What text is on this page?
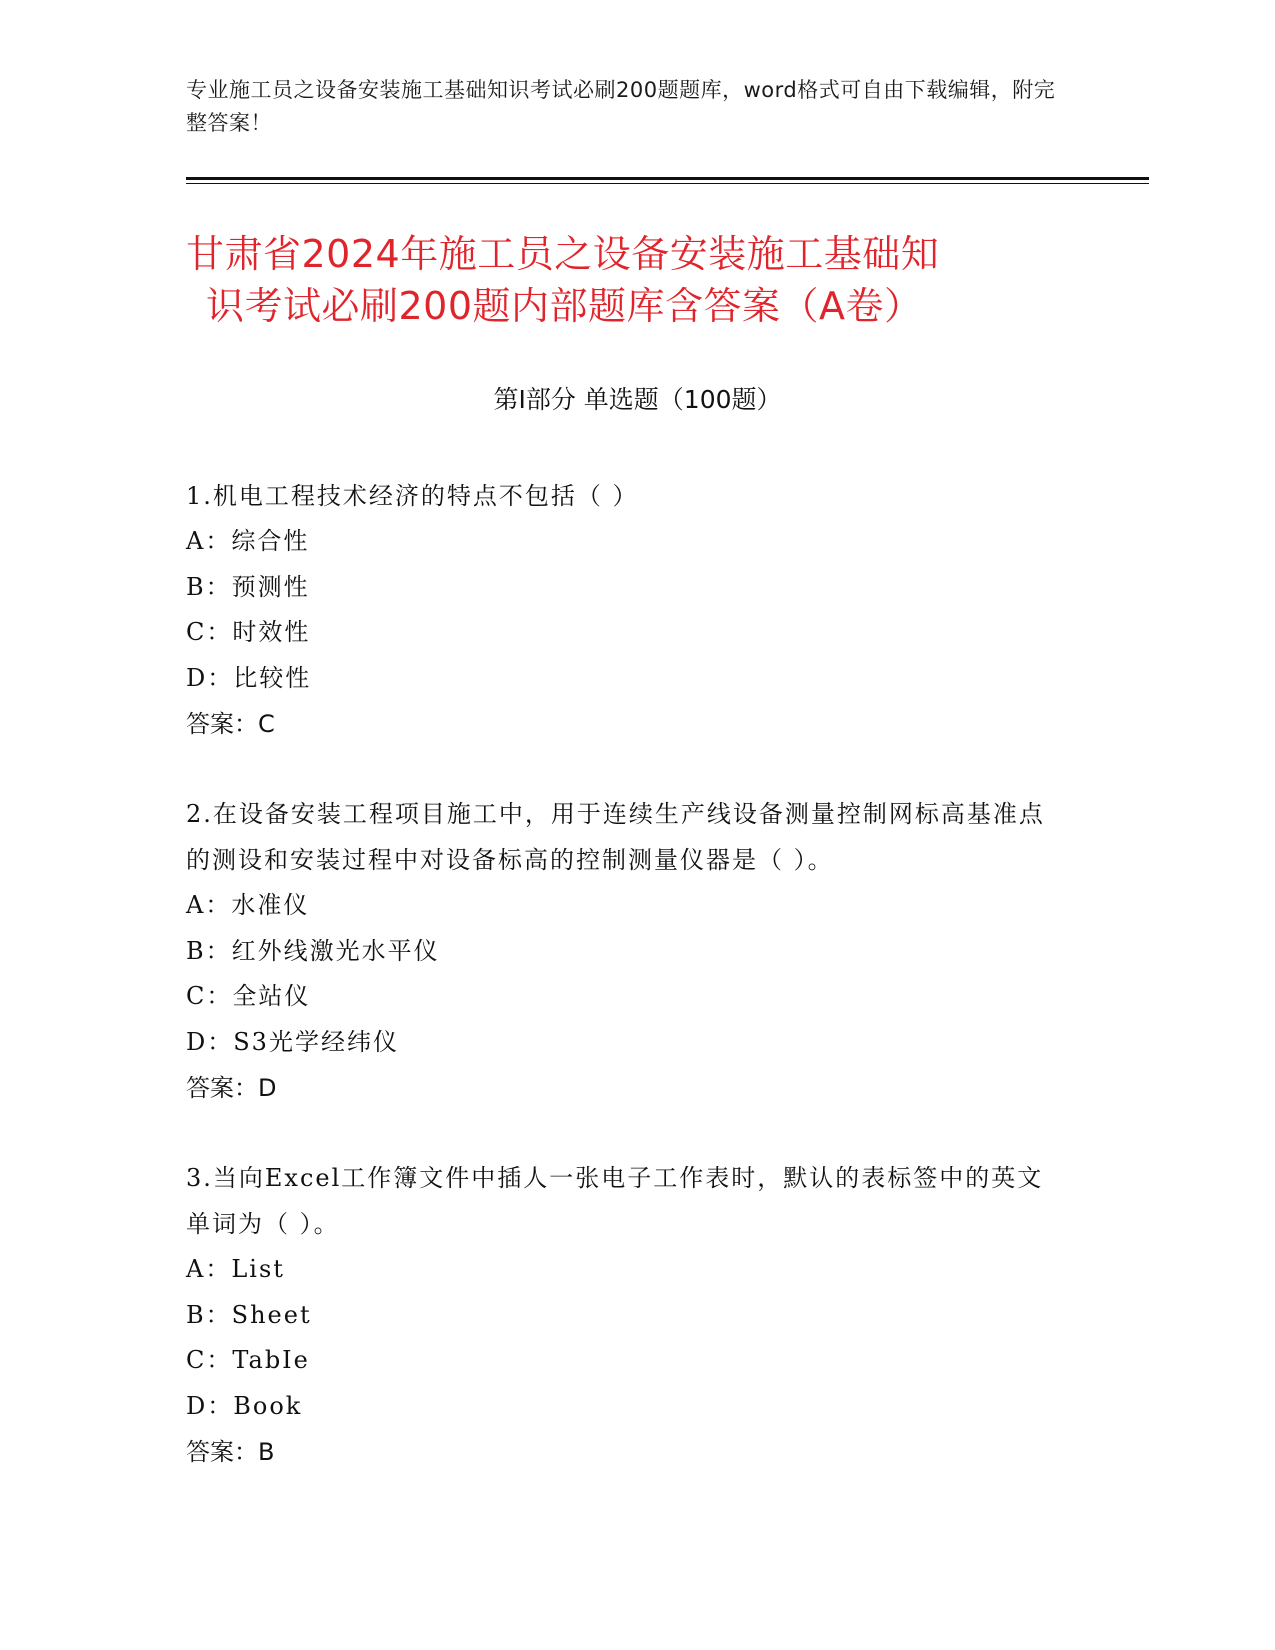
专业施工员之设备安装施工基础知识考试必刷200题题库，word格式可自由下载编辑，附完整答案！
甘肃省2024年施工员之设备安装施工基础知
识考试必刷200题内部题库含答案（A卷）
第Ⅰ部分 单选题（100题）
1.机电工程技术经济的特点不包括（ ）
A：综合性
B：预测性
C：时效性
D：比较性
答案：C
2.在设备安装工程项目施工中，用于连续生产线设备测量控制网标高基准点的测设和安装过程中对设备标高的控制测量仪器是（ ）。
A：水准仪
B：红外线激光水平仪
C：全站仪
D：S3光学经纬仪
答案：D
3.当向Excel工作簿文件中插人一张电子工作表时，默认的表标签中的英文单词为（ ）。
A：List
B：Sheet
C：TabIe
D：Book
答案：B
